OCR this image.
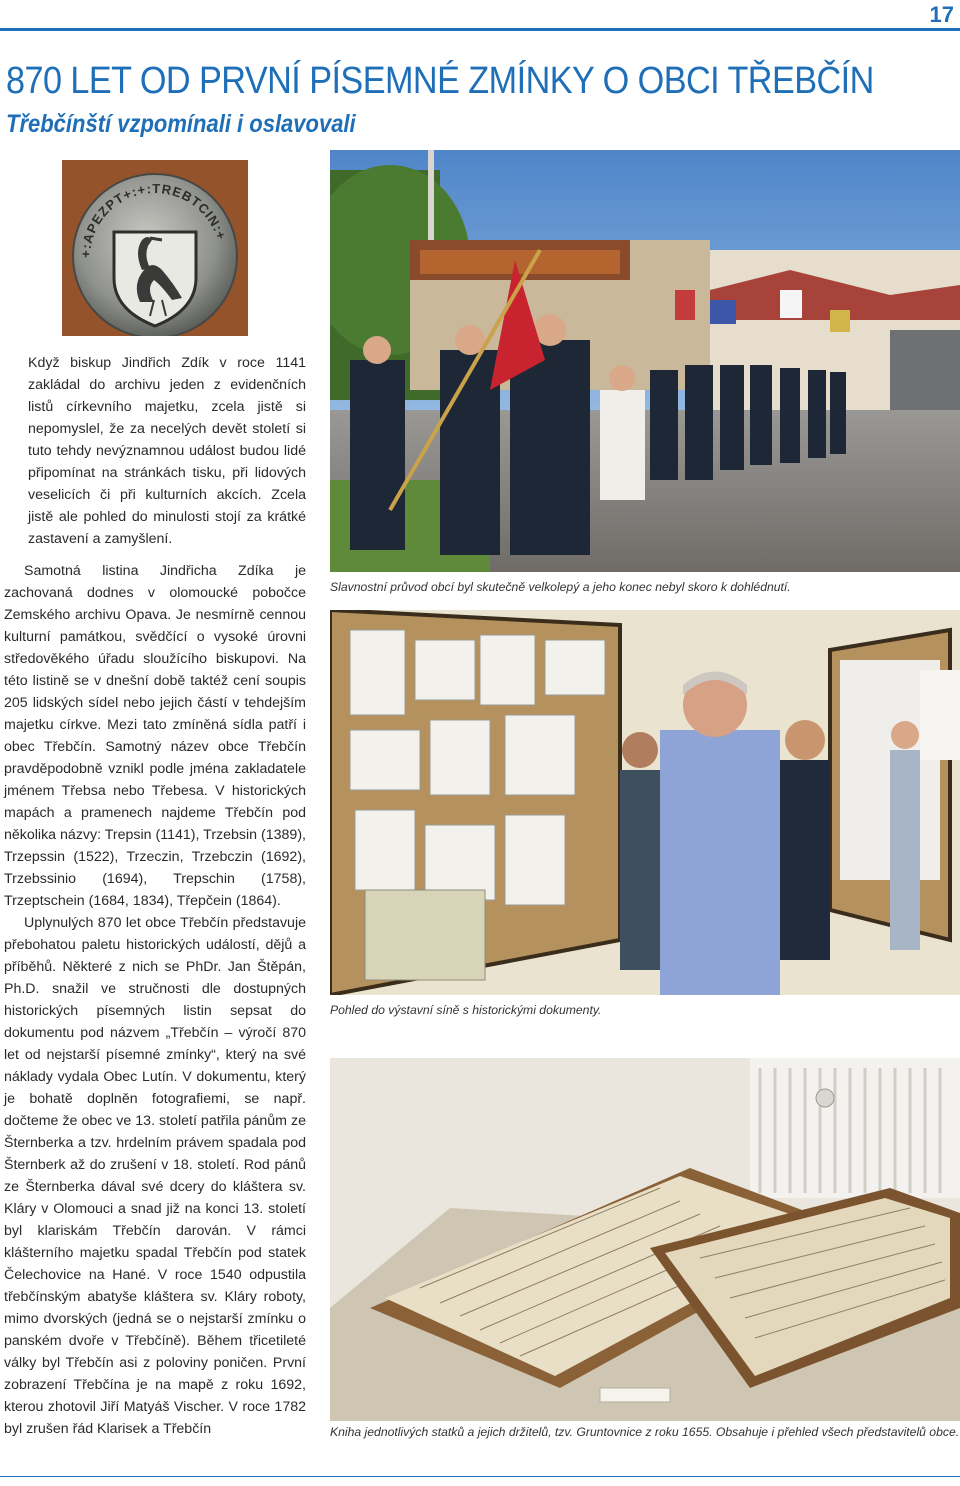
17
870 LET OD PRVNÍ PÍSEMNÉ ZMÍNKY O OBCI TŘEBČÍN
Třebčínští vzpomínali i oslavovali
+:APEZPT+:+:TREBTCIN:+

Když biskup Jindřich Zdík v roce 1141 zakládal do archivu jeden z evidenčních listů církevního majetku, zcela jistě si nepomyslel, že za necelých devět století si tuto tehdy nevýznamnou událost budou lidé připomínat na stránkách tisku, při lidových veselicích či při kulturních akcích. Zcela jistě ale pohled do minulosti stojí za krátké zastavení a zamyšlení.

Samotná listina Jindřicha Zdíka je zachovaná dodnes v olomoucké pobočce Zemského archivu Opava. Je nesmírně cennou kulturní památkou, svědčící o vysoké úrovni středověkého úřadu sloužícího biskupovi. Na této listině se v dnešní době taktéž cení soupis 205 lidských sídel nebo jejich částí v tehdejším majetku církve. Mezi tato zmíněná sídla patří i obec Třebčín. Samotný název obce Třebčín pravděpodobně vznikl podle jména zakladatele jménem Třebsa nebo Třebesa. V historických mapách a pramenech najdeme Třebčín pod několika názvy: Trepsin (1141), Trzebsin (1389), Trzepssin (1522), Trzeczin, Trzebczin (1692), Trzebssinio (1694), Trepschin (1758), Trzeptschein (1684, 1834), Třepčein (1864).

Uplynulých 870 let obce Třebčín představuje přebohatou paletu historických událostí, dějů a příběhů. Některé z nich se PhDr. Jan Štěpán, Ph.D. snažil ve stručnosti dle dostupných historických písemných listin sepsat do dokumentu pod názvem „Třebčín – výročí 870 let od nejstarší písemné zmínky“, který na své náklady vydala Obec Lutín. V dokumentu, který je bohatě doplněn fotografiemi, se např. dočteme že obec ve 13. století patřila pánům ze Šternberka a tzv. hrdelním právem spadala pod Šternberk až do zrušení v 18. století. Rod pánů ze Šternberka dával své dcery do kláštera sv. Kláry v Olomouci a snad již na konci 13. století byl klariskám Třebčín darován. V rámci klášterního majetku spadal Třebčín pod statek Čelechovice na Hané. V roce 1540 odpustila třebčínským abatyše kláštera sv. Kláry roboty, mimo dvorských (jedná se o nejstarší zmínku o panském dvoře v Třebčíně). Během třicetileté války byl Třebčín asi z poloviny poničen. První zobrazení Třebčína je na mapě z roku 1692, kterou zhotovil Jiří Matyáš Vischer. V roce 1782 byl zrušen řád Klarisek a Třebčín

Slavnostní průvod obcí byl skutečně velkolepý a jeho konec nebyl skoro k dohlédnutí.
Pohled do výstavní síně s historickými dokumenty.
Kniha jednotlivých statků a jejich držitelů, tzv. Gruntovnice z roku 1655. Obsahuje i přehled všech představitelů obce.
